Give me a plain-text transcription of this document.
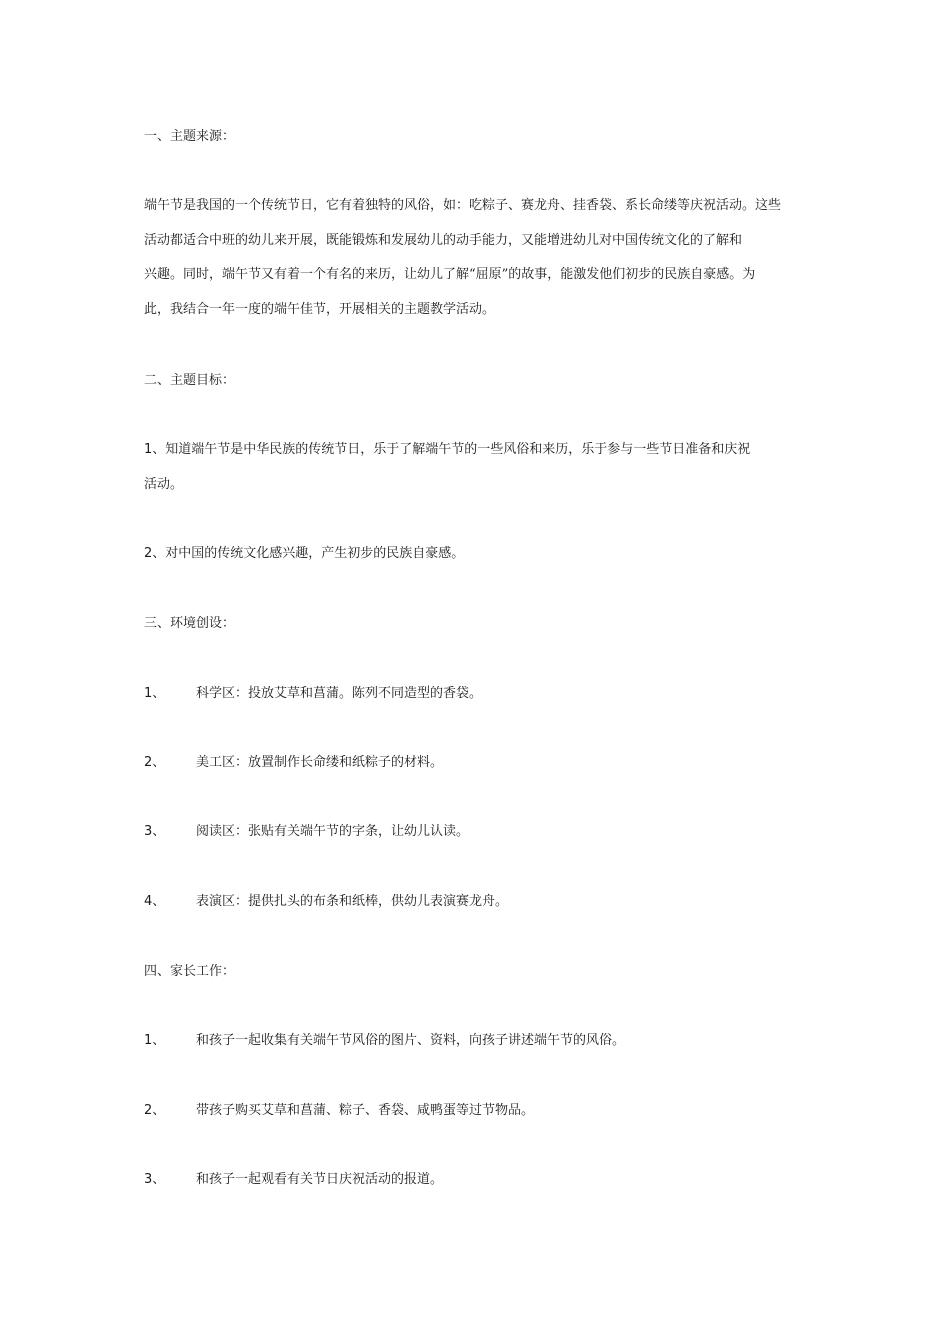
一、主题来源：
端午节是我国的一个传统节日，它有着独特的风俗，如：吃粽子、赛龙舟、挂香袋、系长命缕等庆祝活动。这些
活动都适合中班的幼儿来开展，既能锻炼和发展幼儿的动手能力，又能增进幼儿对中国传统文化的了解和
兴趣。同时，端午节又有着一个有名的来历，让幼儿了解“屈原”的故事，能激发他们初步的民族自豪感。为
此，我结合一年一度的端午佳节，开展相关的主题教学活动。
二、主题目标：
1、知道端午节是中华民族的传统节日，乐于了解端午节的一些风俗和来历，乐于参与一些节日准备和庆祝
活动。
2、对中国的传统文化感兴趣，产生初步的民族自豪感。
三、环境创设：
1、 科学区：投放艾草和菖蒲。陈列不同造型的香袋。
2、 美工区：放置制作长命缕和纸粽子的材料。
3、 阅读区：张贴有关端午节的字条，让幼儿认读。
4、 表演区：提供扎头的布条和纸棒，供幼儿表演赛龙舟。
四、家长工作：
1、 和孩子一起收集有关端午节风俗的图片、资料，向孩子讲述端午节的风俗。
2、 带孩子购买艾草和菖蒲、粽子、香袋、咸鸭蛋等过节物品。
3、 和孩子一起观看有关节日庆祝活动的报道。
